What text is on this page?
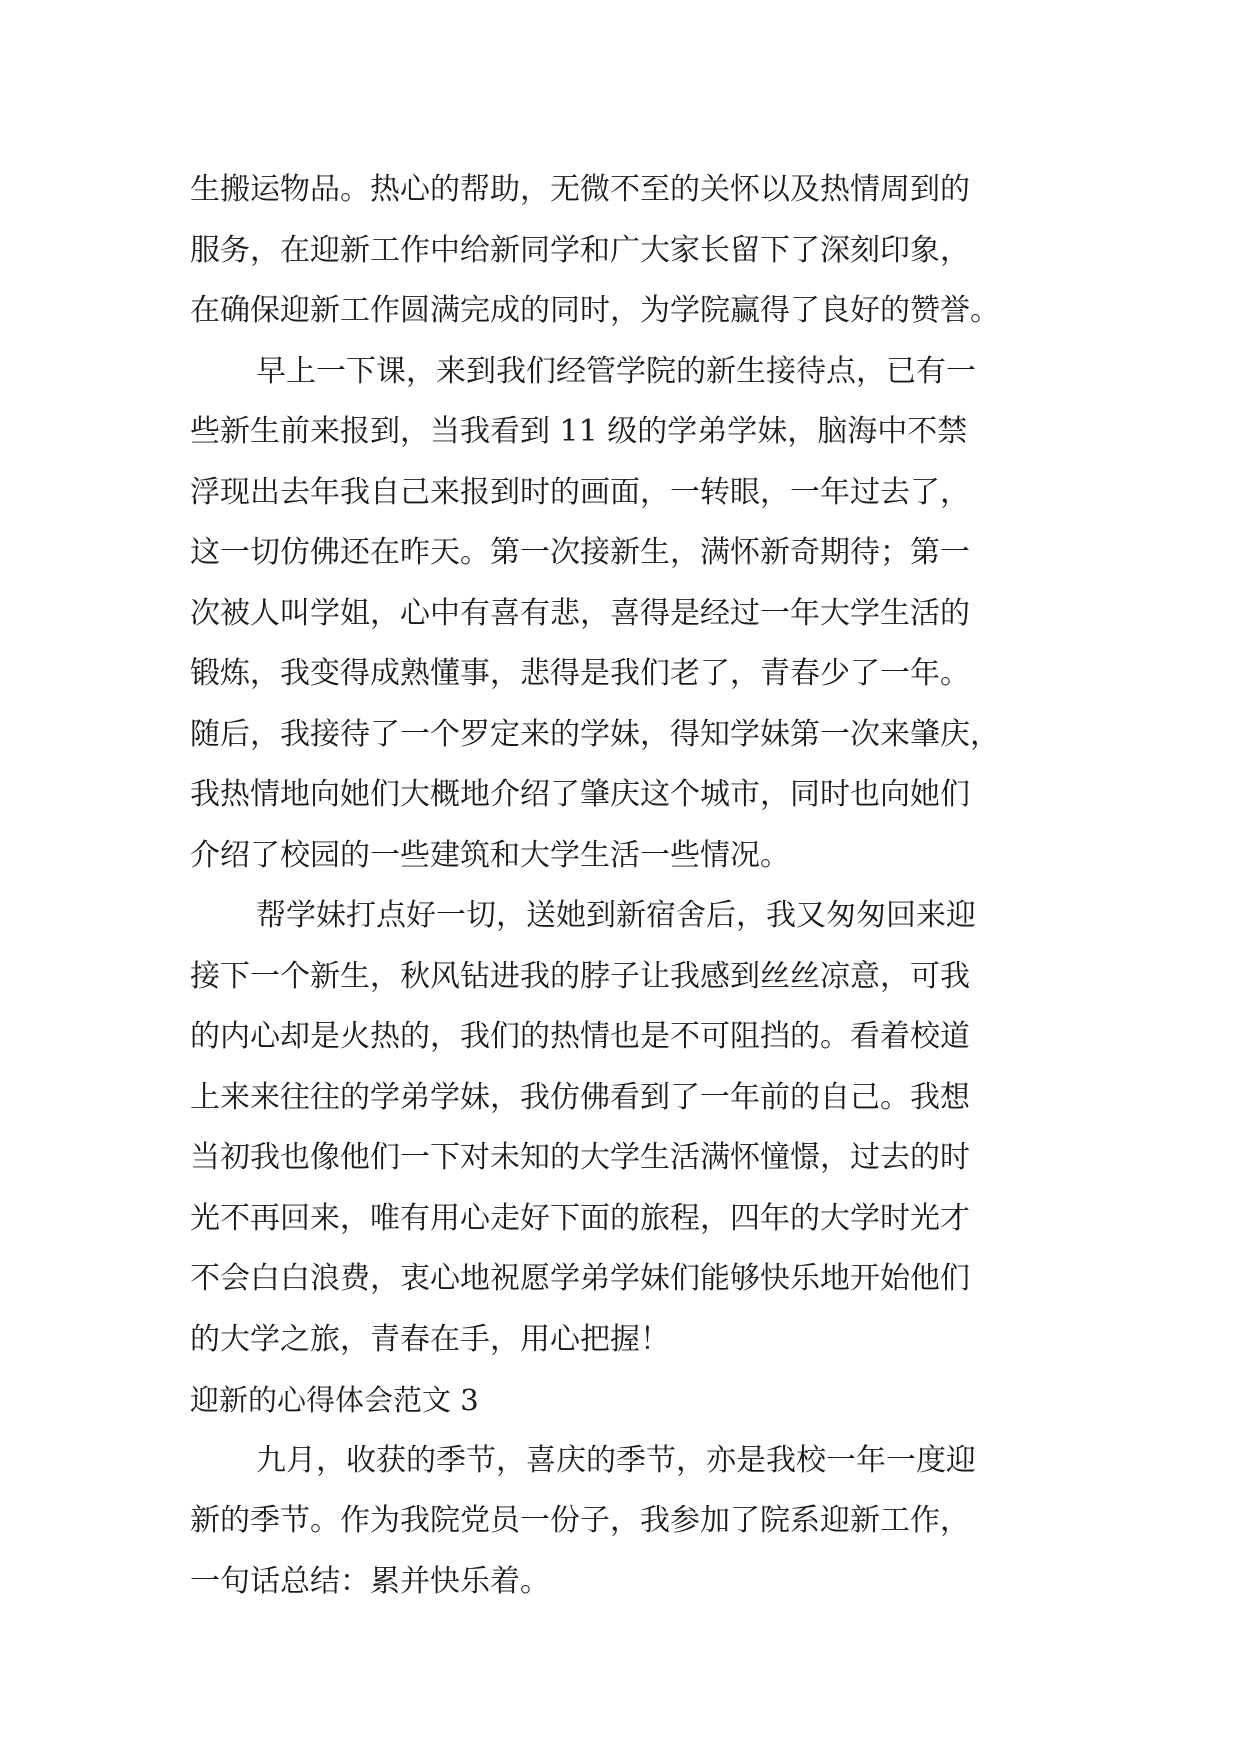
生搬运物品。热心的帮助，无微不至的关怀以及热情周到的
服务，在迎新工作中给新同学和广大家长留下了深刻印象，
在确保迎新工作圆满完成的同时，为学院赢得了良好的赞誉。
早上一下课，来到我们经管学院的新生接待点，已有一
些新生前来报到，当我看到 11 级的学弟学妹，脑海中不禁
浮现出去年我自己来报到时的画面，一转眼，一年过去了，
这一切仿佛还在昨天。第一次接新生，满怀新奇期待；第一
次被人叫学姐，心中有喜有悲，喜得是经过一年大学生活的
锻炼，我变得成熟懂事，悲得是我们老了，青春少了一年。
随后，我接待了一个罗定来的学妹，得知学妹第一次来肇庆，
我热情地向她们大概地介绍了肇庆这个城市，同时也向她们
介绍了校园的一些建筑和大学生活一些情况。
帮学妹打点好一切，送她到新宿舍后，我又匆匆回来迎
接下一个新生，秋风钻进我的脖子让我感到丝丝凉意，可我
的内心却是火热的，我们的热情也是不可阻挡的。看着校道
上来来往往的学弟学妹，我仿佛看到了一年前的自己。我想
当初我也像他们一下对未知的大学生活满怀憧憬，过去的时
光不再回来，唯有用心走好下面的旅程，四年的大学时光才
不会白白浪费，衷心地祝愿学弟学妹们能够快乐地开始他们
的大学之旅，青春在手，用心把握！
迎新的心得体会范文 3
九月，收获的季节，喜庆的季节，亦是我校一年一度迎
新的季节。作为我院党员一份子，我参加了院系迎新工作，
一句话总结：累并快乐着。
